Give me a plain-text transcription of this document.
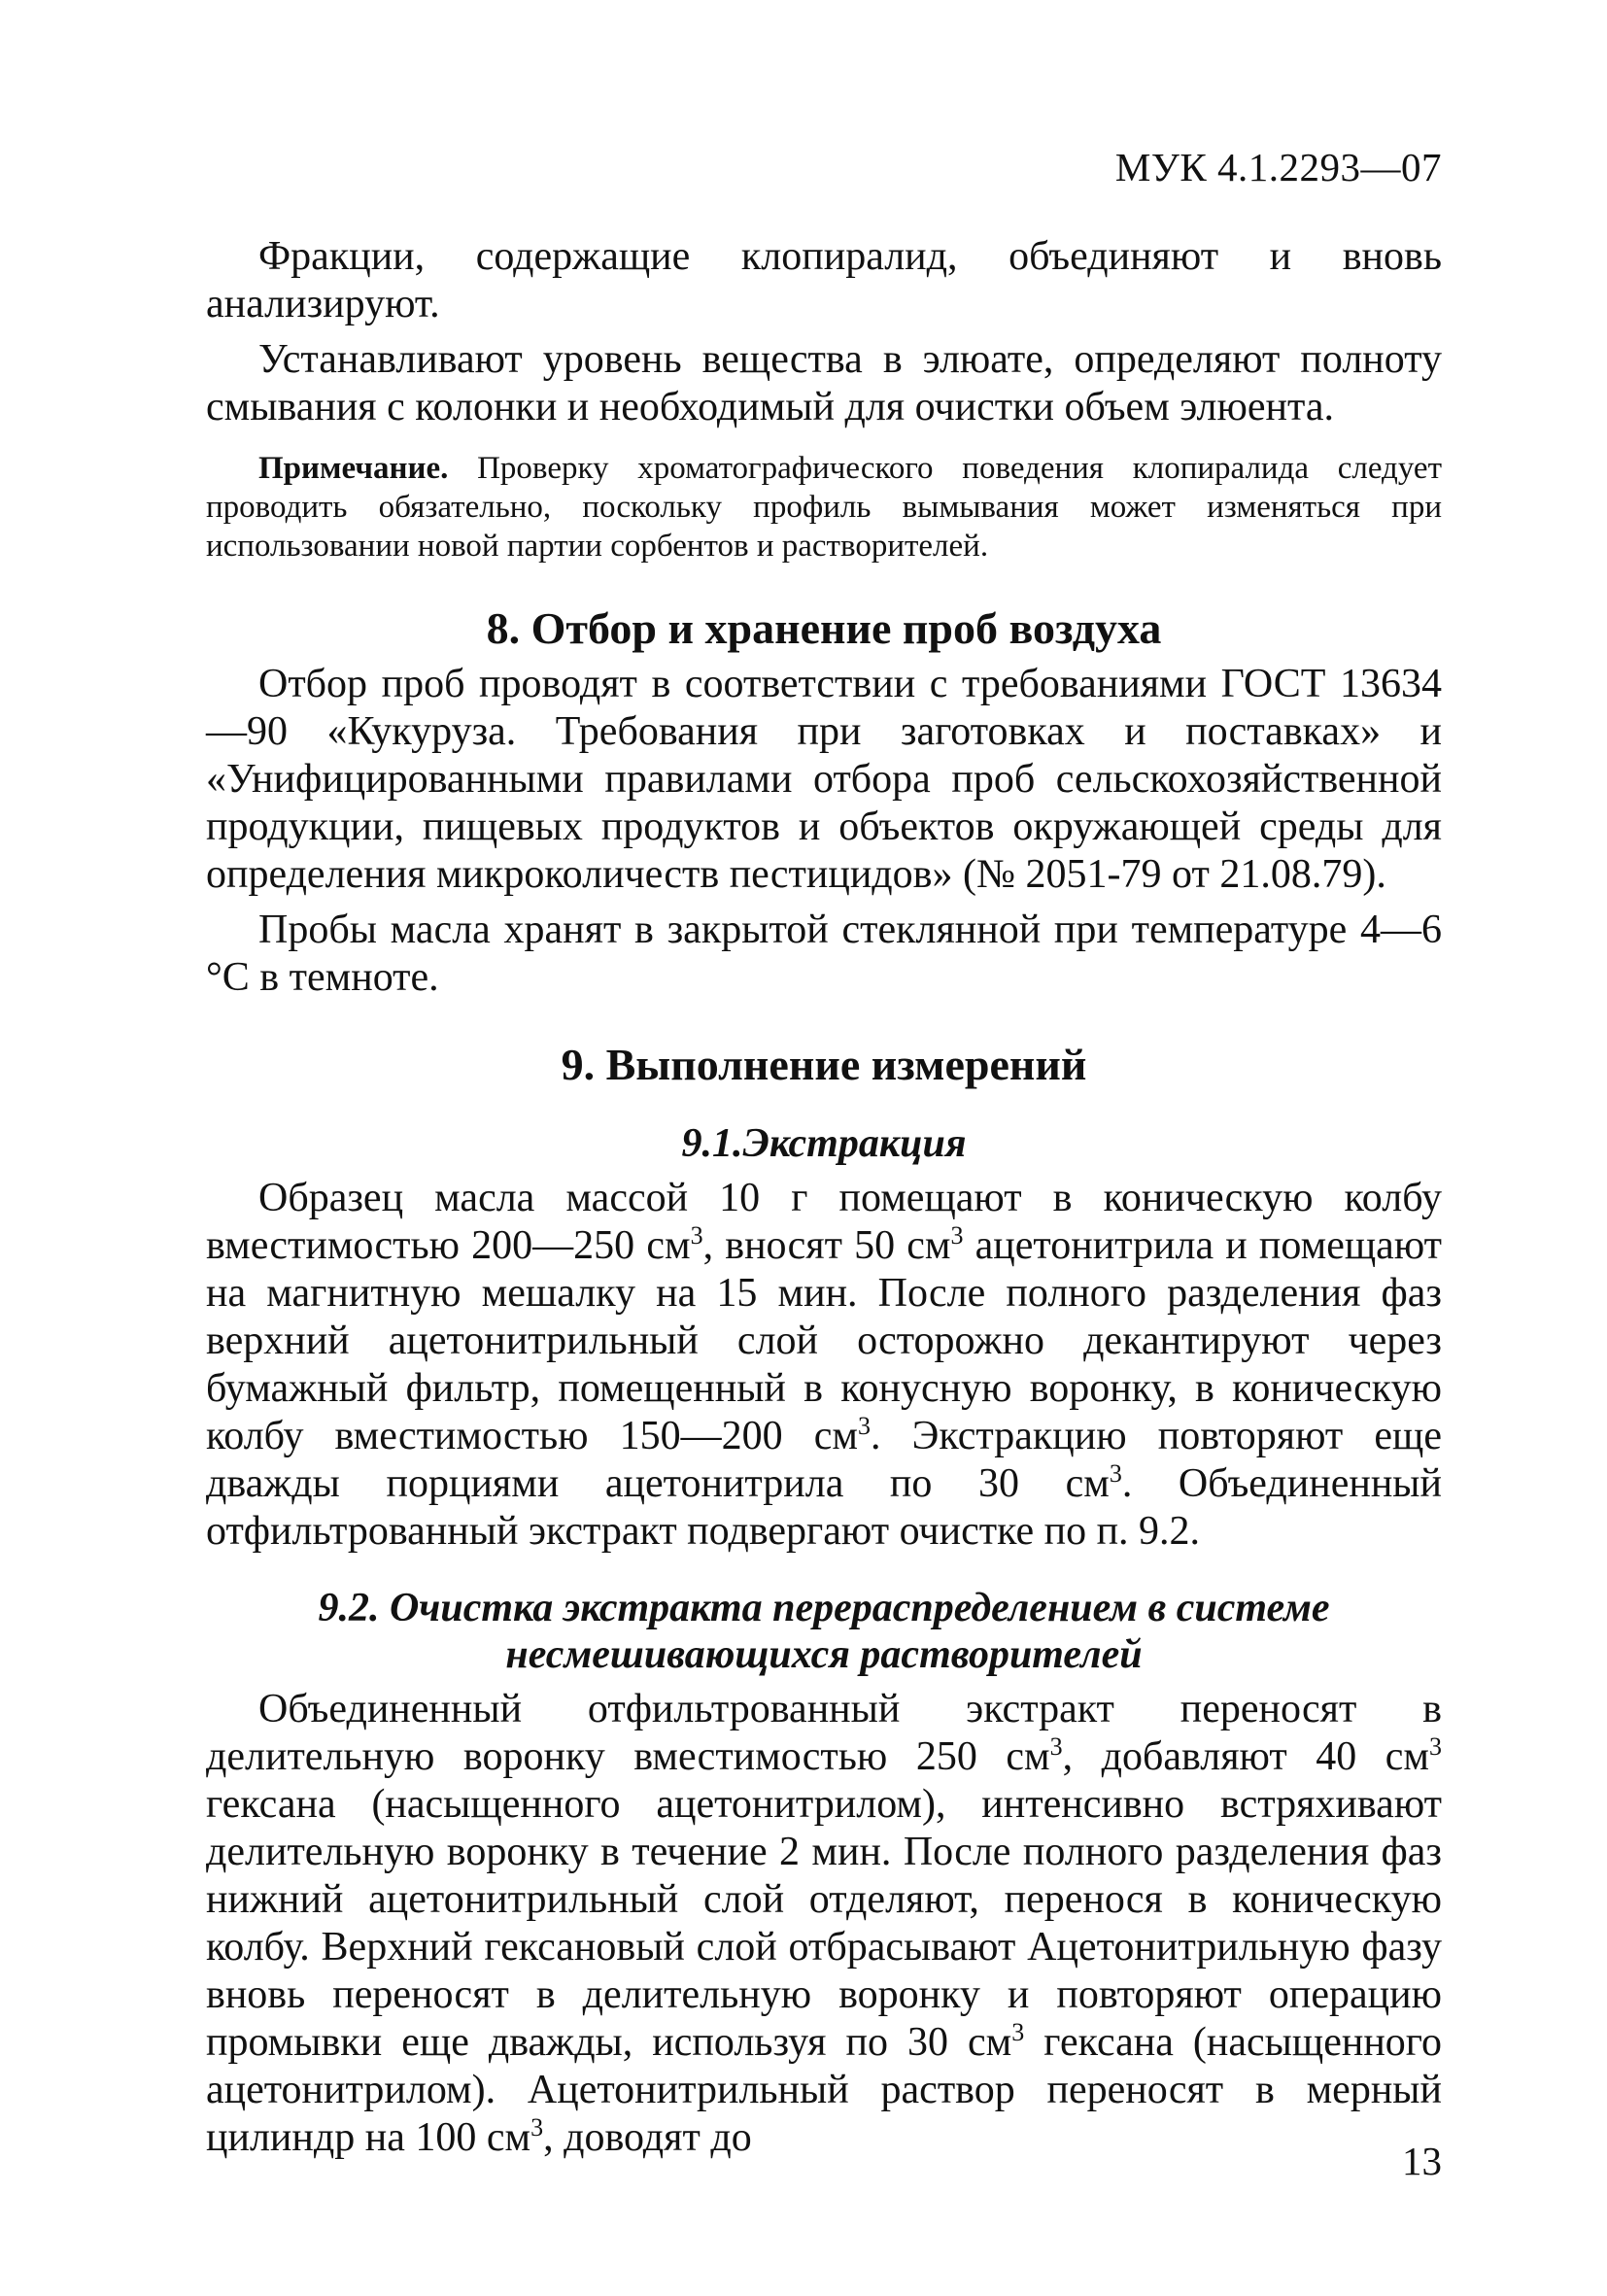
МУК 4.1.2293—07

Фракции, содержащие клопиралид, объединяют и вновь анализируют.

Устанавливают уровень вещества в элюате, определяют полноту смывания с колонки и необходимый для очистки объем элюента.

Примечание. Проверку хроматографического поведения клопиралида следует проводить обязательно, поскольку профиль вымывания может изменяться при использовании новой партии сорбентов и растворителей.

8. Отбор и хранение проб воздуха

Отбор проб проводят в соответствии с требованиями ГОСТ 13634—90 «Кукуруза. Требования при заготовках и поставках» и «Унифицированными правилами отбора проб сельскохозяйственной продукции, пищевых продуктов и объектов окружающей среды для определения микроколичеств пестицидов» (№ 2051-79 от 21.08.79).

Пробы масла хранят в закрытой стеклянной при температуре 4—6 °С в темноте.

9. Выполнение измерений
9.1.Экстракция

Образец масла массой 10 г помещают в коническую колбу вместимостью 200—250 $см^3$, вносят 50 $см^3$ ацетонитрила и помещают на магнитную мешалку на 15 мин. После полного разделения фаз верхний ацетонитрильный слой осторожно декантируют через бумажный фильтр, помещенный в конусную воронку, в коническую колбу вместимостью 150—200 $см^3$. Экстракцию повторяют еще дважды порциями ацетонитрила по 30 $см^3$. Объединенный отфильтрованный экстракт подвергают очистке по п. 9.2.

9.2. Очистка экстракта перераспределением в системе
несмешивающихся растворителей

Объединенный отфильтрованный экстракт переносят в делительную воронку вместимостью 250 $см^3$, добавляют 40 $см^3$ гексана (насыщенного ацетонитрилом), интенсивно встряхивают делительную воронку в течение 2 мин. После полного разделения фаз нижний ацетонитрильный слой отделяют, перенося в коническую колбу. Верхний гексановый слой отбрасывают Ацетонитрильную фазу вновь переносят в делительную воронку и повторяют операцию промывки еще дважды, используя по 30 $см^3$ гексана (насыщенного ацетонитрилом). Ацетонитрильный раствор переносят в мерный цилиндр на 100 $см^3$, доводят до

13
